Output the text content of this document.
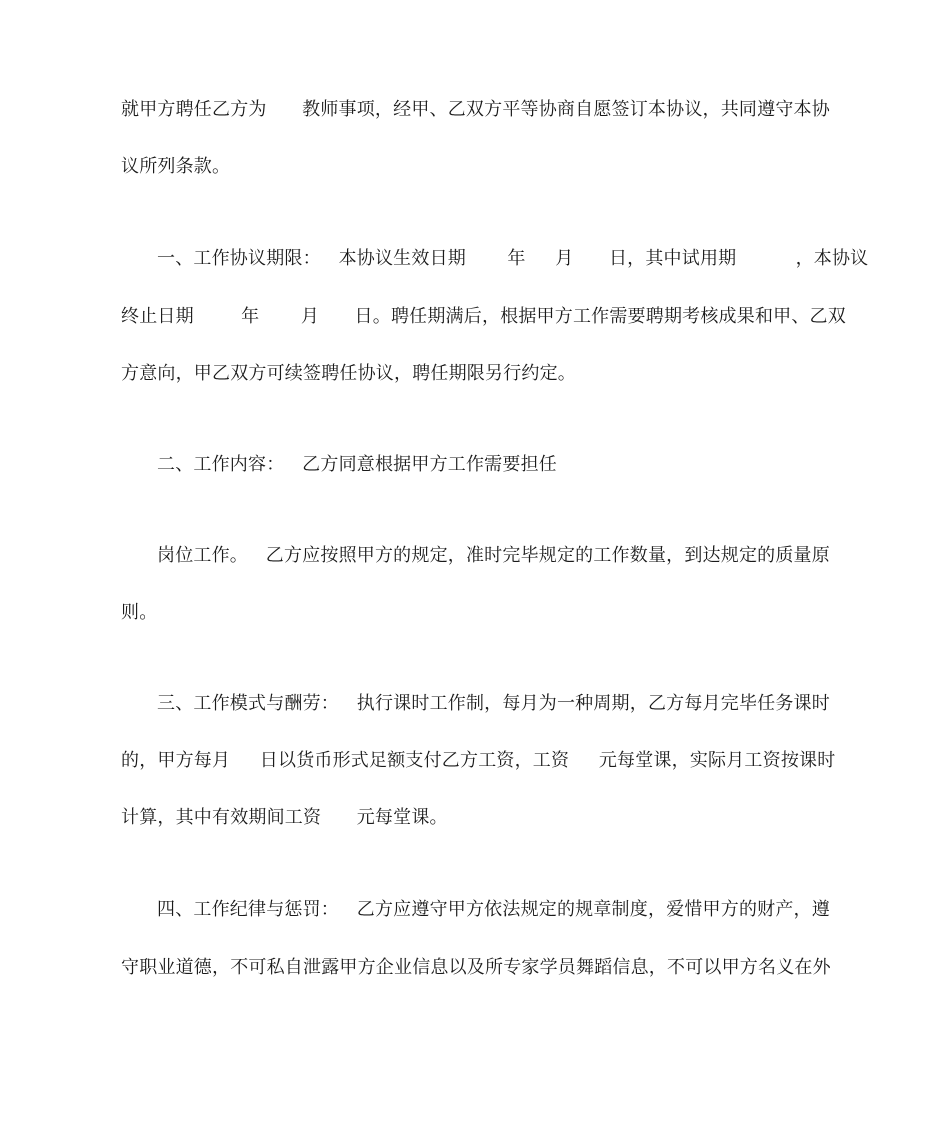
就甲方聘任乙方为      教师事项，经甲、乙双方平等协商自愿签订本协议，共同遵守本协
议所列条款。
一、工作协议期限：   本协议生效日期       年     月      日，其中试用期          ，本协议
终止日期        年       月      日。聘任期满后，根据甲方工作需要聘期考核成果和甲、乙双
方意向，甲乙双方可续签聘任协议，聘任期限另行约定。
二、工作内容：   乙方同意根据甲方工作需要担任
岗位工作。   乙方应按照甲方的规定，准时完毕规定的工作数量，到达规定的质量原
则。
三、工作模式与酬劳：   执行课时工作制，每月为一种周期，乙方每月完毕任务课时
的，甲方每月     日以货币形式足额支付乙方工资，工资     元每堂课，实际月工资按课时
计算，其中有效期间工资      元每堂课。
四、工作纪律与惩罚：   乙方应遵守甲方依法规定的规章制度，爱惜甲方的财产，遵
守职业道德，不可私自泄露甲方企业信息以及所专家学员舞蹈信息，不可以甲方名义在外
